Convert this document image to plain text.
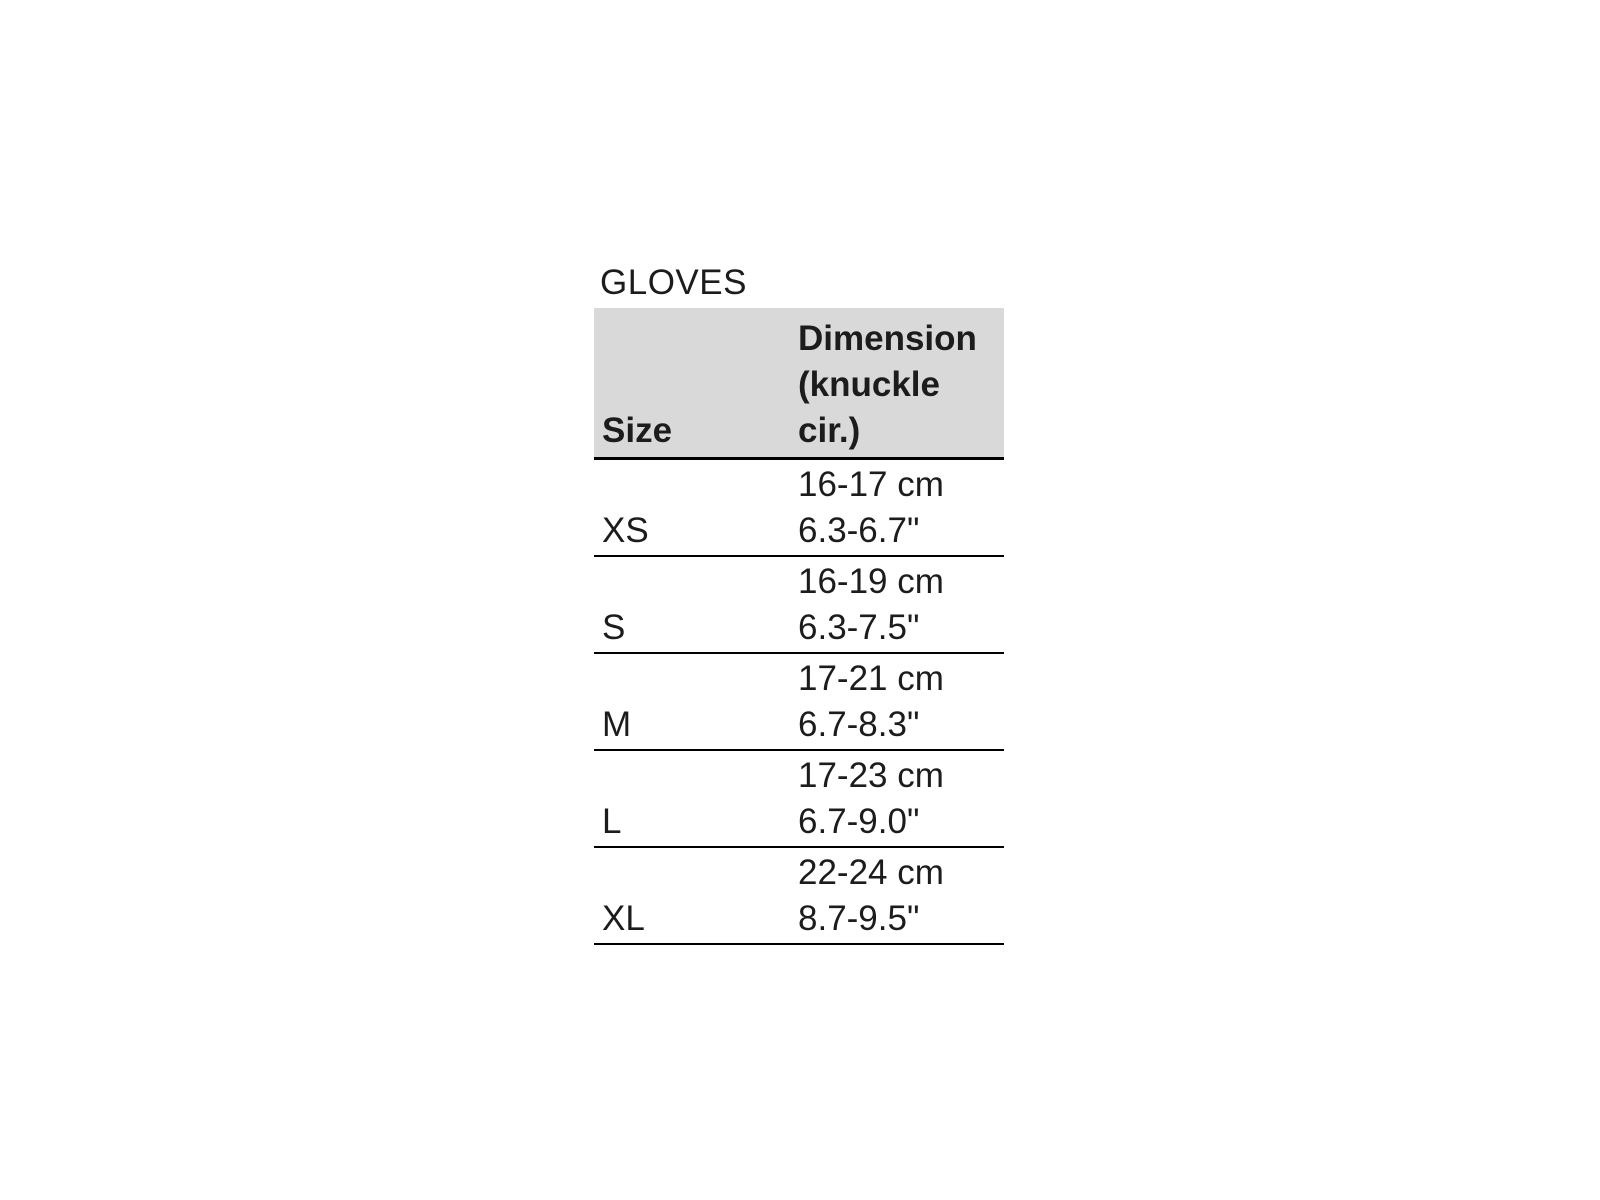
GLOVES
Size	Dimension
(knuckle
cir.)

XS	16-17 cm
6.3-6.7"

S	16-19 cm
6.3-7.5"

M	17-21 cm
6.7-8.3"

L	17-23 cm
6.7-9.0"

XL	22-24 cm
8.7-9.5"
